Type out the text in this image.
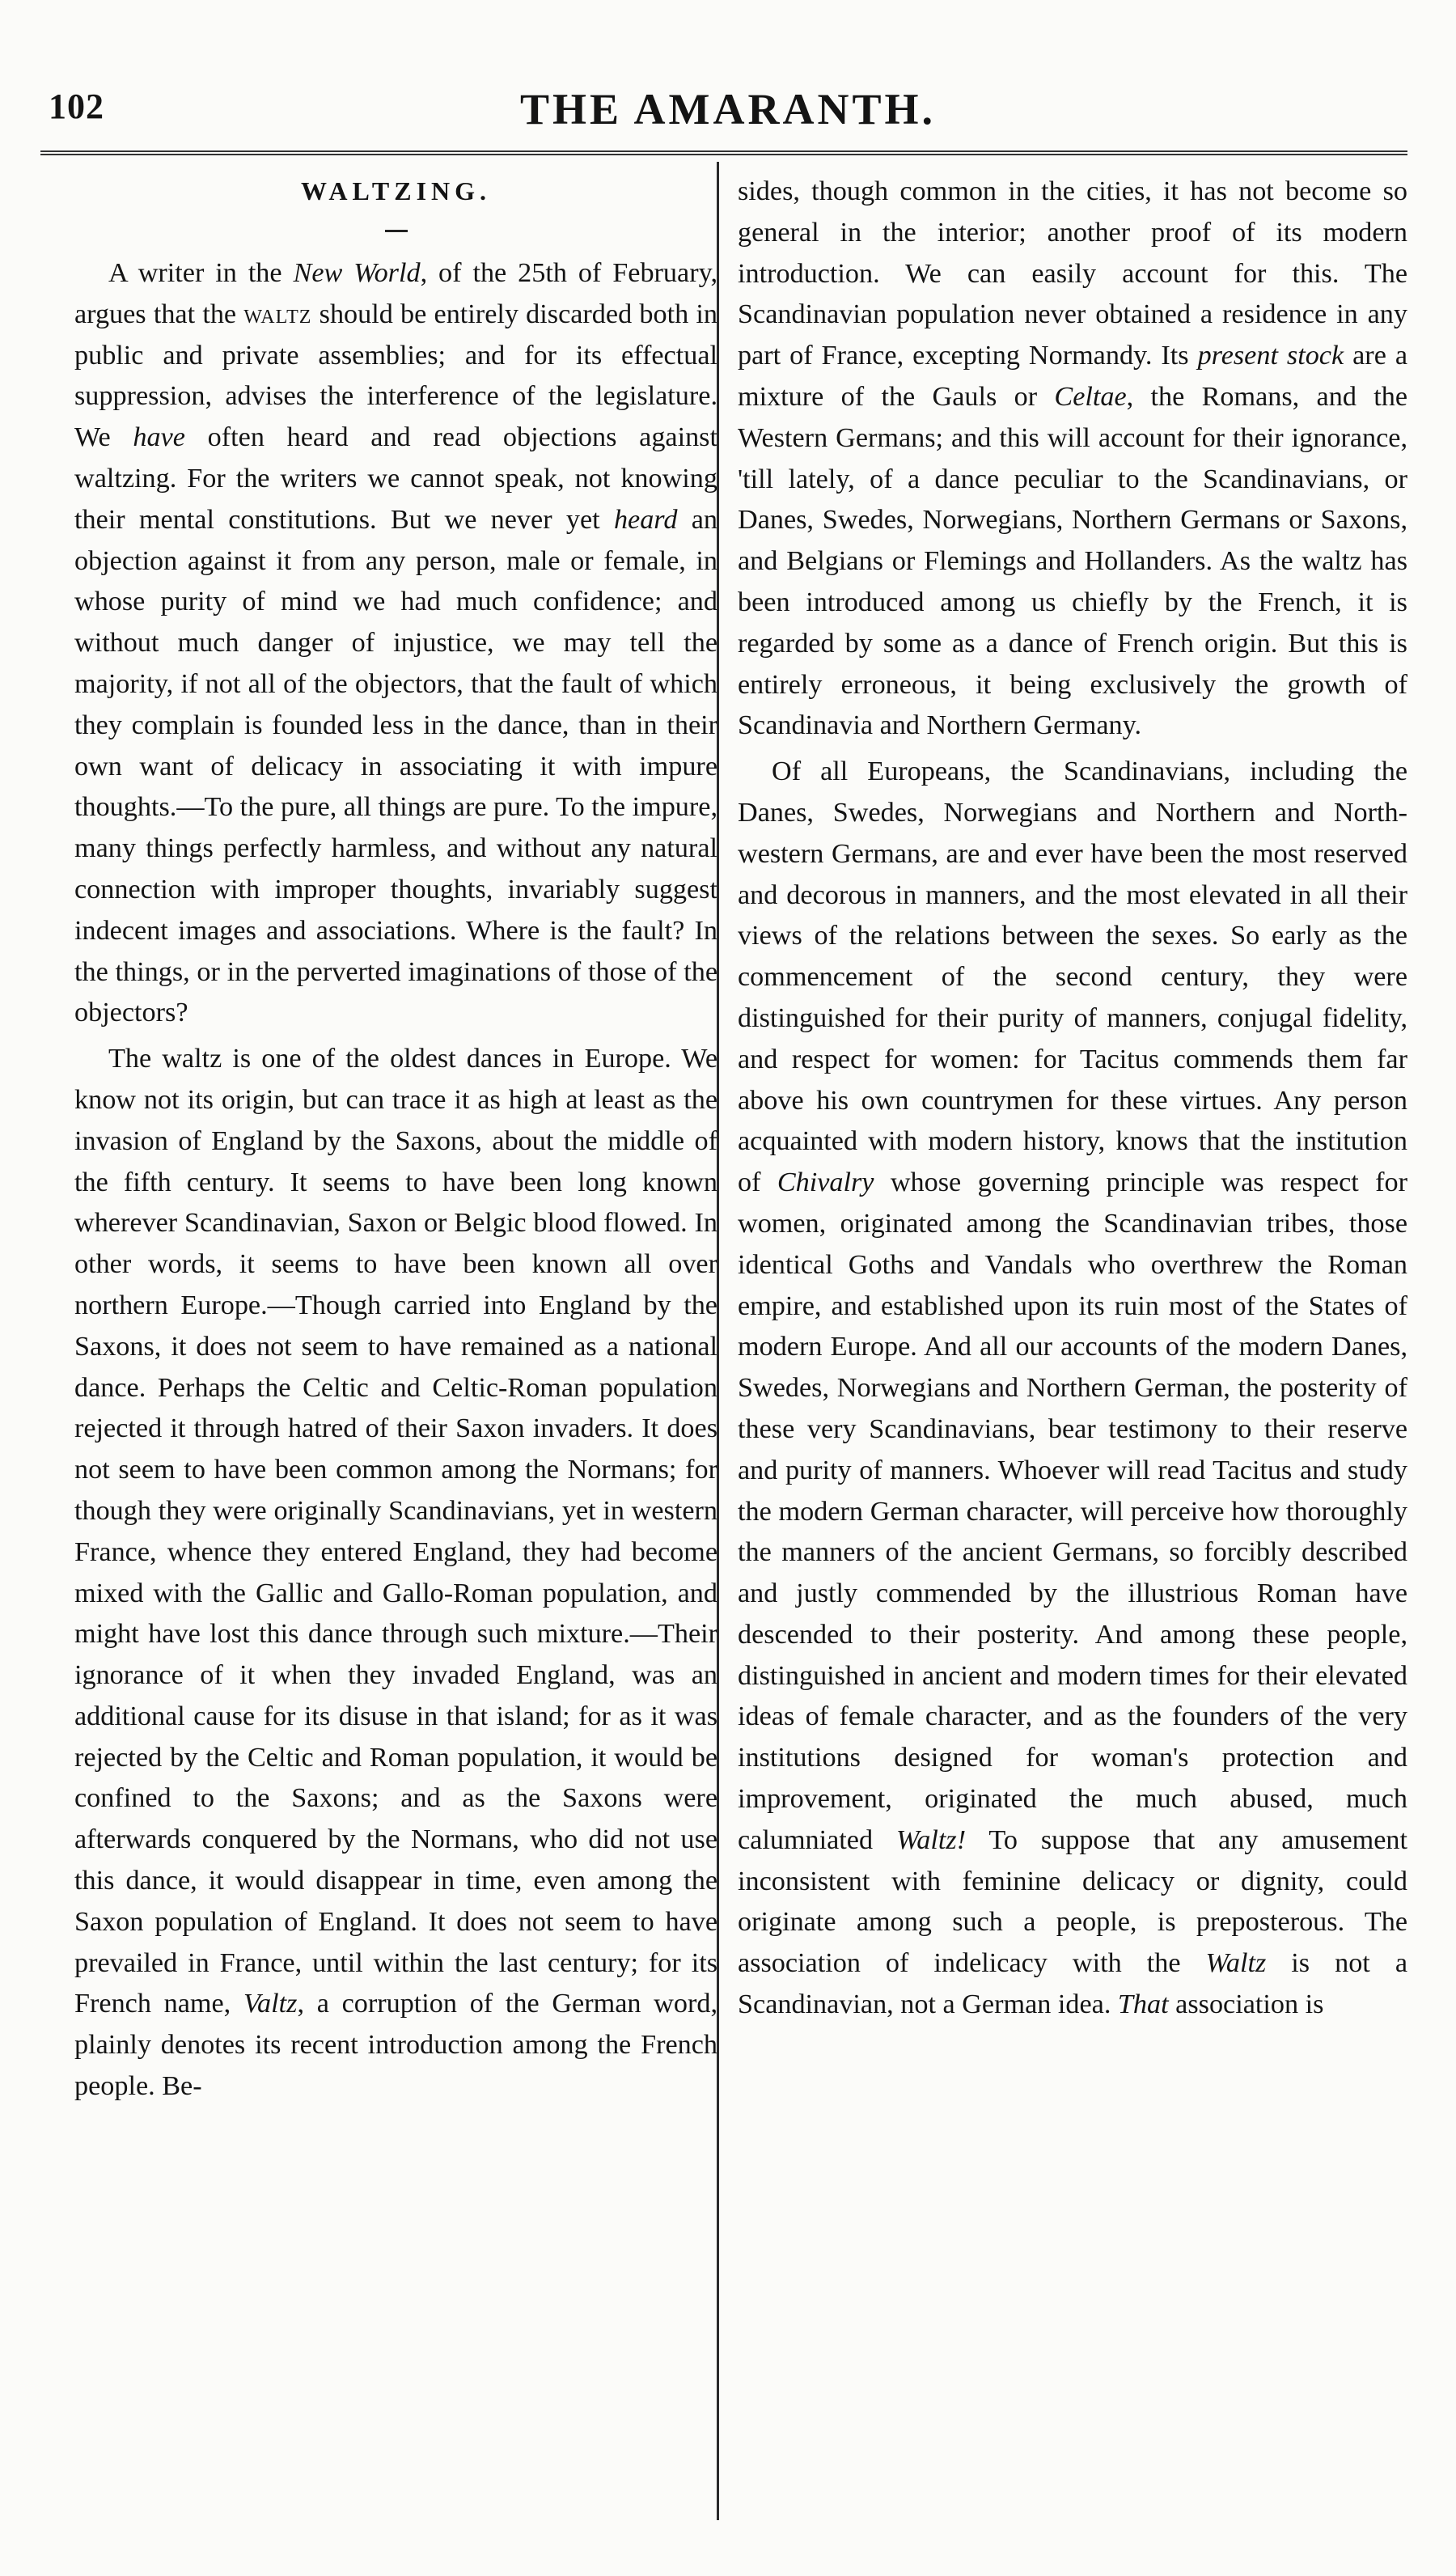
102	THE AMARANTH.
WALTZING.

A writer in the New World, of the 25th of February, argues that the waltz should be entirely discarded both in public and private assemblies; and for its effectual suppression, advises the interference of the legislature. We have often heard and read objections against waltzing. For the writers we cannot speak, not knowing their mental constitutions. But we never yet heard an objection against it from any person, male or female, in whose purity of mind we had much confidence; and without much danger of injustice, we may tell the majority, if not all of the objectors, that the fault of which they complain is founded less in the dance, than in their own want of delicacy in associating it with impure thoughts.—To the pure, all things are pure. To the impure, many things perfectly harmless, and without any natural connection with improper thoughts, invariably suggest indecent images and associations. Where is the fault? In the things, or in the perverted imaginations of those of the objectors?

The waltz is one of the oldest dances in Europe. We know not its origin, but can trace it as high at least as the invasion of England by the Saxons, about the middle of the fifth century. It seems to have been long known wherever Scandinavian, Saxon or Belgic blood flowed. In other words, it seems to have been known all over northern Europe.—Though carried into England by the Saxons, it does not seem to have remained as a national dance. Perhaps the Celtic and Celtic-Roman population rejected it through hatred of their Saxon invaders. It does not seem to have been common among the Normans; for though they were originally Scandinavians, yet in western France, whence they entered England, they had become mixed with the Gallic and Gallo-Roman population, and might have lost this dance through such mixture.—Their ignorance of it when they invaded England, was an additional cause for its disuse in that island; for as it was rejected by the Celtic and Roman population, it would be confined to the Saxons; and as the Saxons were afterwards conquered by the Normans, who did not use this dance, it would disappear in time, even among the Saxon population of England. It does not seem to have prevailed in France, until within the last century; for its French name, Valtz, a corruption of the German word, plainly denotes its recent introduction among the French people. Be-

sides, though common in the cities, it has not become so general in the interior; another proof of its modern introduction. We can easily account for this. The Scandinavian population never obtained a residence in any part of France, excepting Normandy. Its present stock are a mixture of the Gauls or Celtae, the Romans, and the Western Germans; and this will account for their ignorance, 'till lately, of a dance peculiar to the Scandinavians, or Danes, Swedes, Norwegians, Northern Germans or Saxons, and Belgians or Flemings and Hollanders. As the waltz has been introduced among us chiefly by the French, it is regarded by some as a dance of French origin. But this is entirely erroneous, it being exclusively the growth of Scandinavia and Northern Germany.

Of all Europeans, the Scandinavians, including the Danes, Swedes, Norwegians and Northern and North-western Germans, are and ever have been the most reserved and decorous in manners, and the most elevated in all their views of the relations between the sexes. So early as the commencement of the second century, they were distinguished for their purity of manners, conjugal fidelity, and respect for women: for Tacitus commends them far above his own countrymen for these virtues. Any person acquainted with modern history, knows that the institution of Chivalry whose governing principle was respect for women, originated among the Scandinavian tribes, those identical Goths and Vandals who overthrew the Roman empire, and established upon its ruin most of the States of modern Europe. And all our accounts of the modern Danes, Swedes, Norwegians and Northern German, the posterity of these very Scandinavians, bear testimony to their reserve and purity of manners. Whoever will read Tacitus and study the modern German character, will perceive how thoroughly the manners of the ancient Germans, so forcibly described and justly commended by the illustrious Roman have descended to their posterity. And among these people, distinguished in ancient and modern times for their elevated ideas of female character, and as the founders of the very institutions designed for woman's protection and improvement, originated the much abused, much calumniated Waltz! To suppose that any amusement inconsistent with feminine delicacy or dignity, could originate among such a people, is preposterous. The association of indelicacy with the Waltz is not a Scandinavian, not a German idea. That association is
